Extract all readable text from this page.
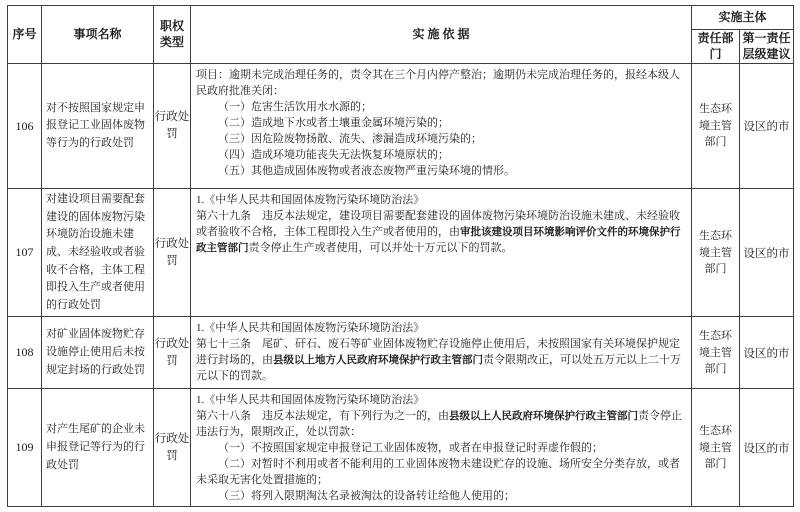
序号	事项名称	职权类型	实 施 依 据	实施主体	
				责任部门	第一责任层级建议
106	对不按照国家规定申报登记工业固体废物等行为的行政处罚	行政处罚	
项目：逾期未完成治理任务的，责令其在三个月内停产整治；逾期仍未完成治理任务的，报经本级人民政府批准关闭：
（一）危害生活饮用水水源的；
（二）造成地下水或者土壤重金属环境污染的；
（三）因危险废物扬散、流失、渗漏造成环境污染的；
（四）造成环境功能丧失无法恢复环境原状的；
（五）其他造成固体废物或者液态废物严重污染环境的情形。
	生态环境主管部门	设区的市
107	对建设项目需要配套建设的固体废物污染环境防治设施未建成、未经验收或者验收不合格，主体工程即投入生产或者使用的行政处罚	行政处罚	1.《中华人民共和国固体废物污染环境防治法》
第六十九条　违反本法规定，建设项目需要配套建设的固体废物污染环境防治设施未建成、未经验收或者验收不合格，主体工程即投入生产或者使用的，由审批该建设项目环境影响评价文件的环境保护行政主管部门责令停止生产或者使用，可以并处十万元以下的罚款。	生态环境主管部门	设区的市
108	对矿业固体废物贮存设施停止使用后未按规定封场的行政处罚	行政处罚	1.《中华人民共和国固体废物污染环境防治法》
第七十三条　尾矿、矸石、废石等矿业固体废物贮存设施停止使用后，未按照国家有关环境保护规定进行封场的，由县级以上地方人民政府环境保护行政主管部门责令限期改正，可以处五万元以上二十万元以下的罚款。	生态环境主管部门	设区的市
109	对产生尾矿的企业未申报登记等行为的行政处罚	行政处罚	1.《中华人民共和国固体废物污染环境防治法》
第六十八条　违反本法规定，有下列行为之一的，由县级以上人民政府环境保护行政主管部门责令停止违法行为，限期改正，处以罚款：
（一）不按照国家规定申报登记工业固体废物，或者在申报登记时弄虚作假的；
（二）对暂时不利用或者不能利用的工业固体废物未建设贮存的设施、场所安全分类存放，或者未采取无害化处置措施的；
（三）将列入限期淘汰名录被淘汰的设备转让给他人使用的；	生态环境主管部门	设区的市
